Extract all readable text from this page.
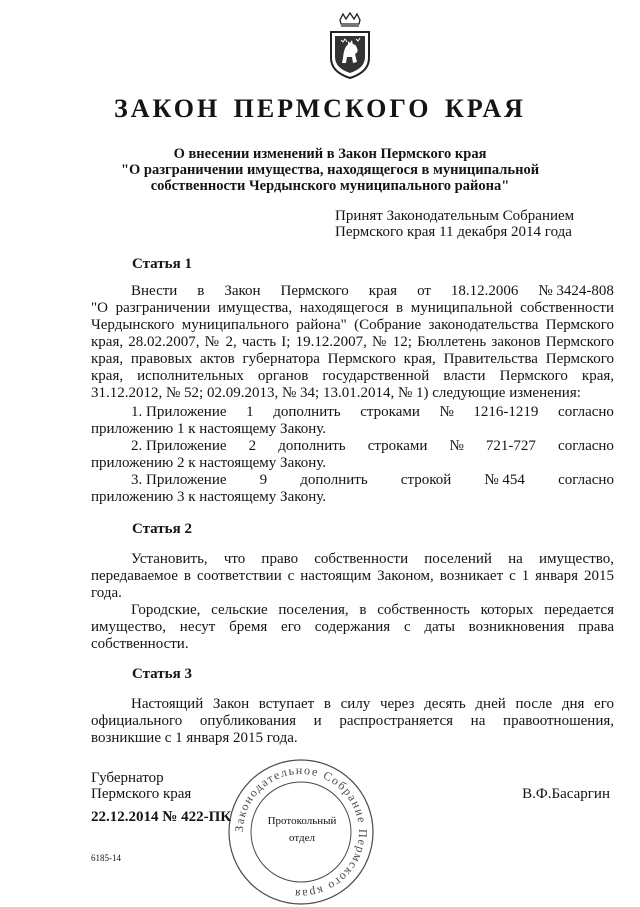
ЗАКОН ПЕРМСКОГО КРАЯ
О внесении изменений в Закон Пермского края
"О разграничении имущества, находящегося в муниципальной
собственности Чердынского муниципального района"
Принят Законодательным Собранием
Пермского края 11 декабря 2014 года
Статья 1
Внести в Закон Пермского края от 18.12.2006 № 3424-808

"О разграничении имущества, находящегося в муниципальной собственности Чердынского муниципального района" (Собрание законодательства Пермского края, 28.02.2007, № 2, часть I; 19.12.2007, № 12; Бюллетень законов Пермского края, правовых актов губернатора Пермского края, Правительства Пермского края, исполнительных органов государственной власти Пермского края, 31.12.2012, № 52; 02.09.2013, № 34; 13.01.2014, № 1) следующие изменения:

1. Приложение 1 дополнить строками № 1216-1219 согласно
приложению 1 к настоящему Закону.
2. Приложение 2 дополнить строками № 721-727 согласно
приложению 2 к настоящему Закону.
3. Приложение 9 дополнить строкой № 454 согласно
приложению 3 к настоящему Закону.
Статья 2

Установить, что право собственности поселений на имущество, передаваемое в соответствии с настоящим Законом, возникает с 1 января 2015 года.

Городские, сельские поселения, в собственность которых передается имущество, несут бремя его содержания с даты возникновения права собственности.

Статья 3

Настоящий Закон вступает в силу через десять дней после дня его официального опубликования и распространяется на правоотношения, возникшие с 1 января 2015 года.

Законодательное Собрание Пермского края
Протокольный
отдел
Губернатор
Пермского края	В.Ф.Басаргин
22.12.2014 № 422-ПК
6185-14
